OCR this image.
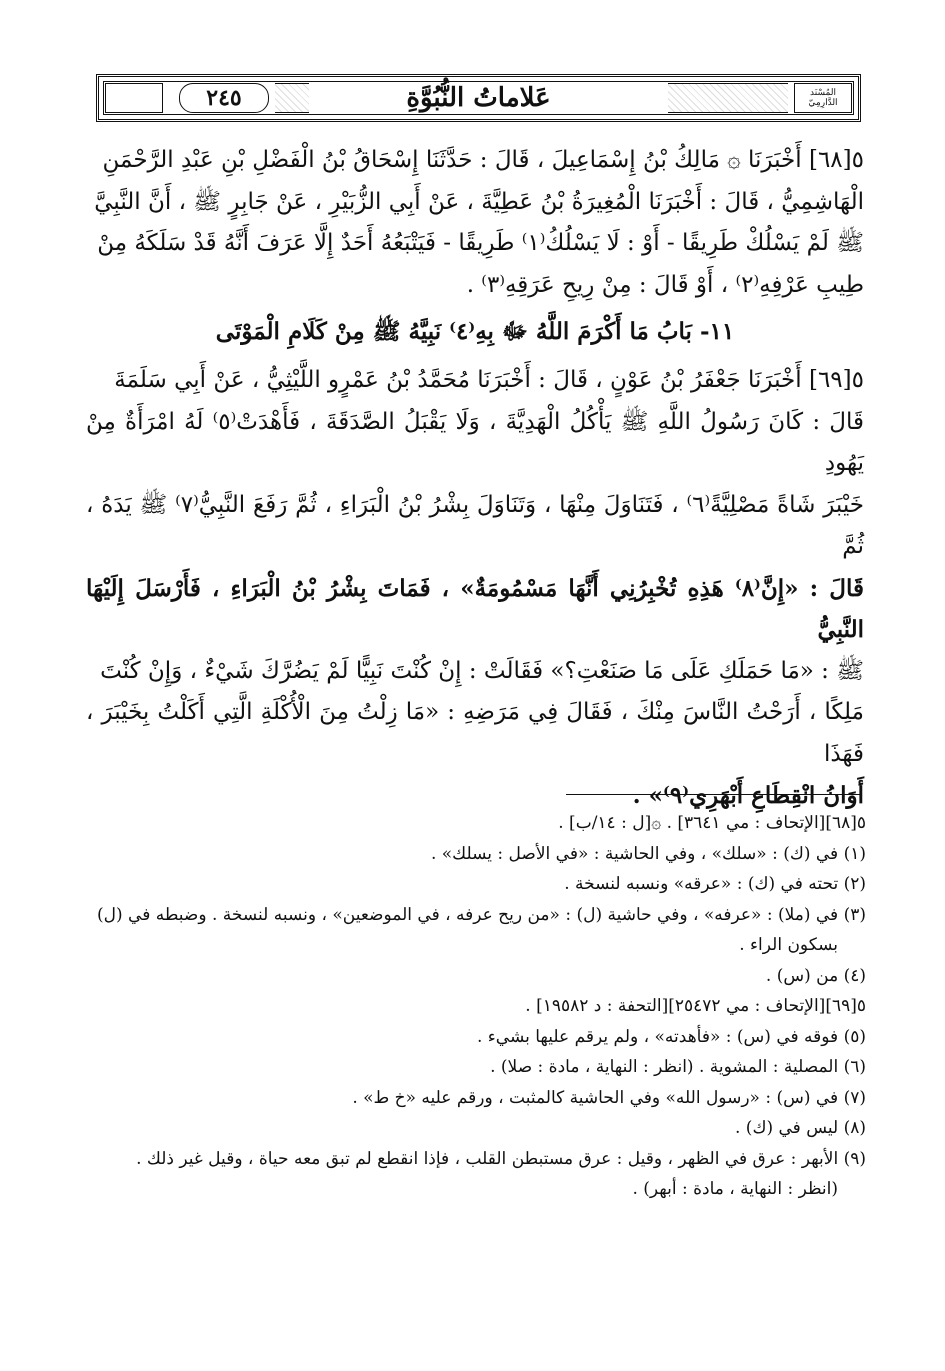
المُسْنَد الدَّارِمِيّ
٢٤٥	عَلاماتُ النُّبُوَّةِ

٥[٦٨] أَخْبَرَنَا ۞ مَالِكُ بْنُ إِسْمَاعِيلَ ، قَالَ : حَدَّثَنَا إِسْحَاقُ بْنُ الْفَضْلِ بْنِ عَبْدِ الرَّحْمَنِ

الْهَاشِمِيُّ ، قَالَ : أَخْبَرَنَا الْمُغِيرَةُ بْنُ عَطِيَّةَ ، عَنْ أَبِي الزُّبَيْرِ ، عَنْ جَابِرٍ ﷺ ، أَنَّ النَّبِيَّ

ﷺ لَمْ يَسْلُكْ طَرِيقًا - أَوْ : لَا يَسْلُكُ⁽١⁾ طَرِيقًا - فَيَتْبَعُهُ أَحَدٌ إِلَّا عَرَفَ أَنَّهُ قَدْ سَلَكَهُ مِنْ

طِيبِ عَرْفِهِ⁽٢⁾ ، أَوْ قَالَ : مِنْ رِيحِ عَرَقِهِ⁽٣⁾ .

١١- بَابُ مَا أَكْرَمَ اللَّهُ ﷻ بِهِ⁽٤⁾ نَبِيَّهُ ﷺ مِنْ كَلَامِ الْمَوْتَى

٥[٦٩] أَخْبَرَنَا جَعْفَرُ بْنُ عَوْنٍ ، قَالَ : أَخْبَرَنَا مُحَمَّدُ بْنُ عَمْرٍو اللَّيْثِيُّ ، عَنْ أَبِي سَلَمَةَ

قَالَ : كَانَ رَسُولُ اللَّهِ ﷺ يَأْكُلُ الْهَدِيَّةَ ، وَلَا يَقْبَلُ الصَّدَقَةَ ، فَأَهْدَتْ⁽٥⁾ لَهُ امْرَأَةٌ مِنْ يَهُودِ

خَيْبَرَ شَاةً مَصْلِيَّةً⁽٦⁾ ، فَتَنَاوَلَ مِنْهَا ، وَتَنَاوَلَ بِشْرُ بْنُ الْبَرَاءِ ، ثُمَّ رَفَعَ النَّبِيُّ⁽٧⁾ ﷺ يَدَهُ ، ثُمَّ

قَالَ : «إِنَّ⁽٨⁾ هَذِهِ تُخْبِرُنِي أَنَّهَا مَسْمُومَةٌ» ، فَمَاتَ بِشْرُ بْنُ الْبَرَاءِ ، فَأَرْسَلَ إِلَيْهَا النَّبِيُّ

ﷺ : «مَا حَمَلَكِ عَلَى مَا صَنَعْتِ؟» فَقَالَتْ : إِنْ كُنْتَ نَبِيًّا لَمْ يَضُرَّكَ شَيْءٌ ، وَإِنْ كُنْتَ

مَلِكًا ، أَرَحْتُ النَّاسَ مِنْكَ ، فَقَالَ فِي مَرَضِهِ : «مَا زِلْتُ مِنَ الْأُكْلَةِ الَّتِي أَكَلْتُ بِخَيْبَرَ ، فَهَذَا

أَوَانُ انْقِطَاعِ أَبْهَرِي⁽٩⁾» .

٥[٦٨][الإتحاف : مي ٣٦٤١] . ۞[ل : ١٤/ب] .

(١) في (ك) : «سلك» ، وفي الحاشية : «في الأصل : يسلك» .

(٢) تحته في (ك) : «عرقه» ونسبه لنسخة .

(٣) في (ملا) : «عرفه» ، وفي حاشية (ل) : «من ريح عرفه ، في الموضعين» ، ونسبه لنسخة . وضبطه في (ل)

بسكون الراء .

(٤) من (س) .

٥[٦٩][الإتحاف : مي ٢٥٤٧٢][التحفة : د ١٩٥٨٢] .

(٥) فوقه في (س) : «فأهدته» ، ولم يرقم عليها بشيء .

(٦) المصلية : المشوية . (انظر : النهاية ، مادة : صلا) .

(٧) في (س) : «رسول الله» وفي الحاشية كالمثبت ، ورقم عليه «خ ط» .

(٨) ليس في (ك) .

(٩) الأبهر : عرق في الظهر ، وقيل : عرق مستبطن القلب ، فإذا انقطع لم تبق معه حياة ، وقيل غير ذلك .

(انظر : النهاية ، مادة : أبهر) .
